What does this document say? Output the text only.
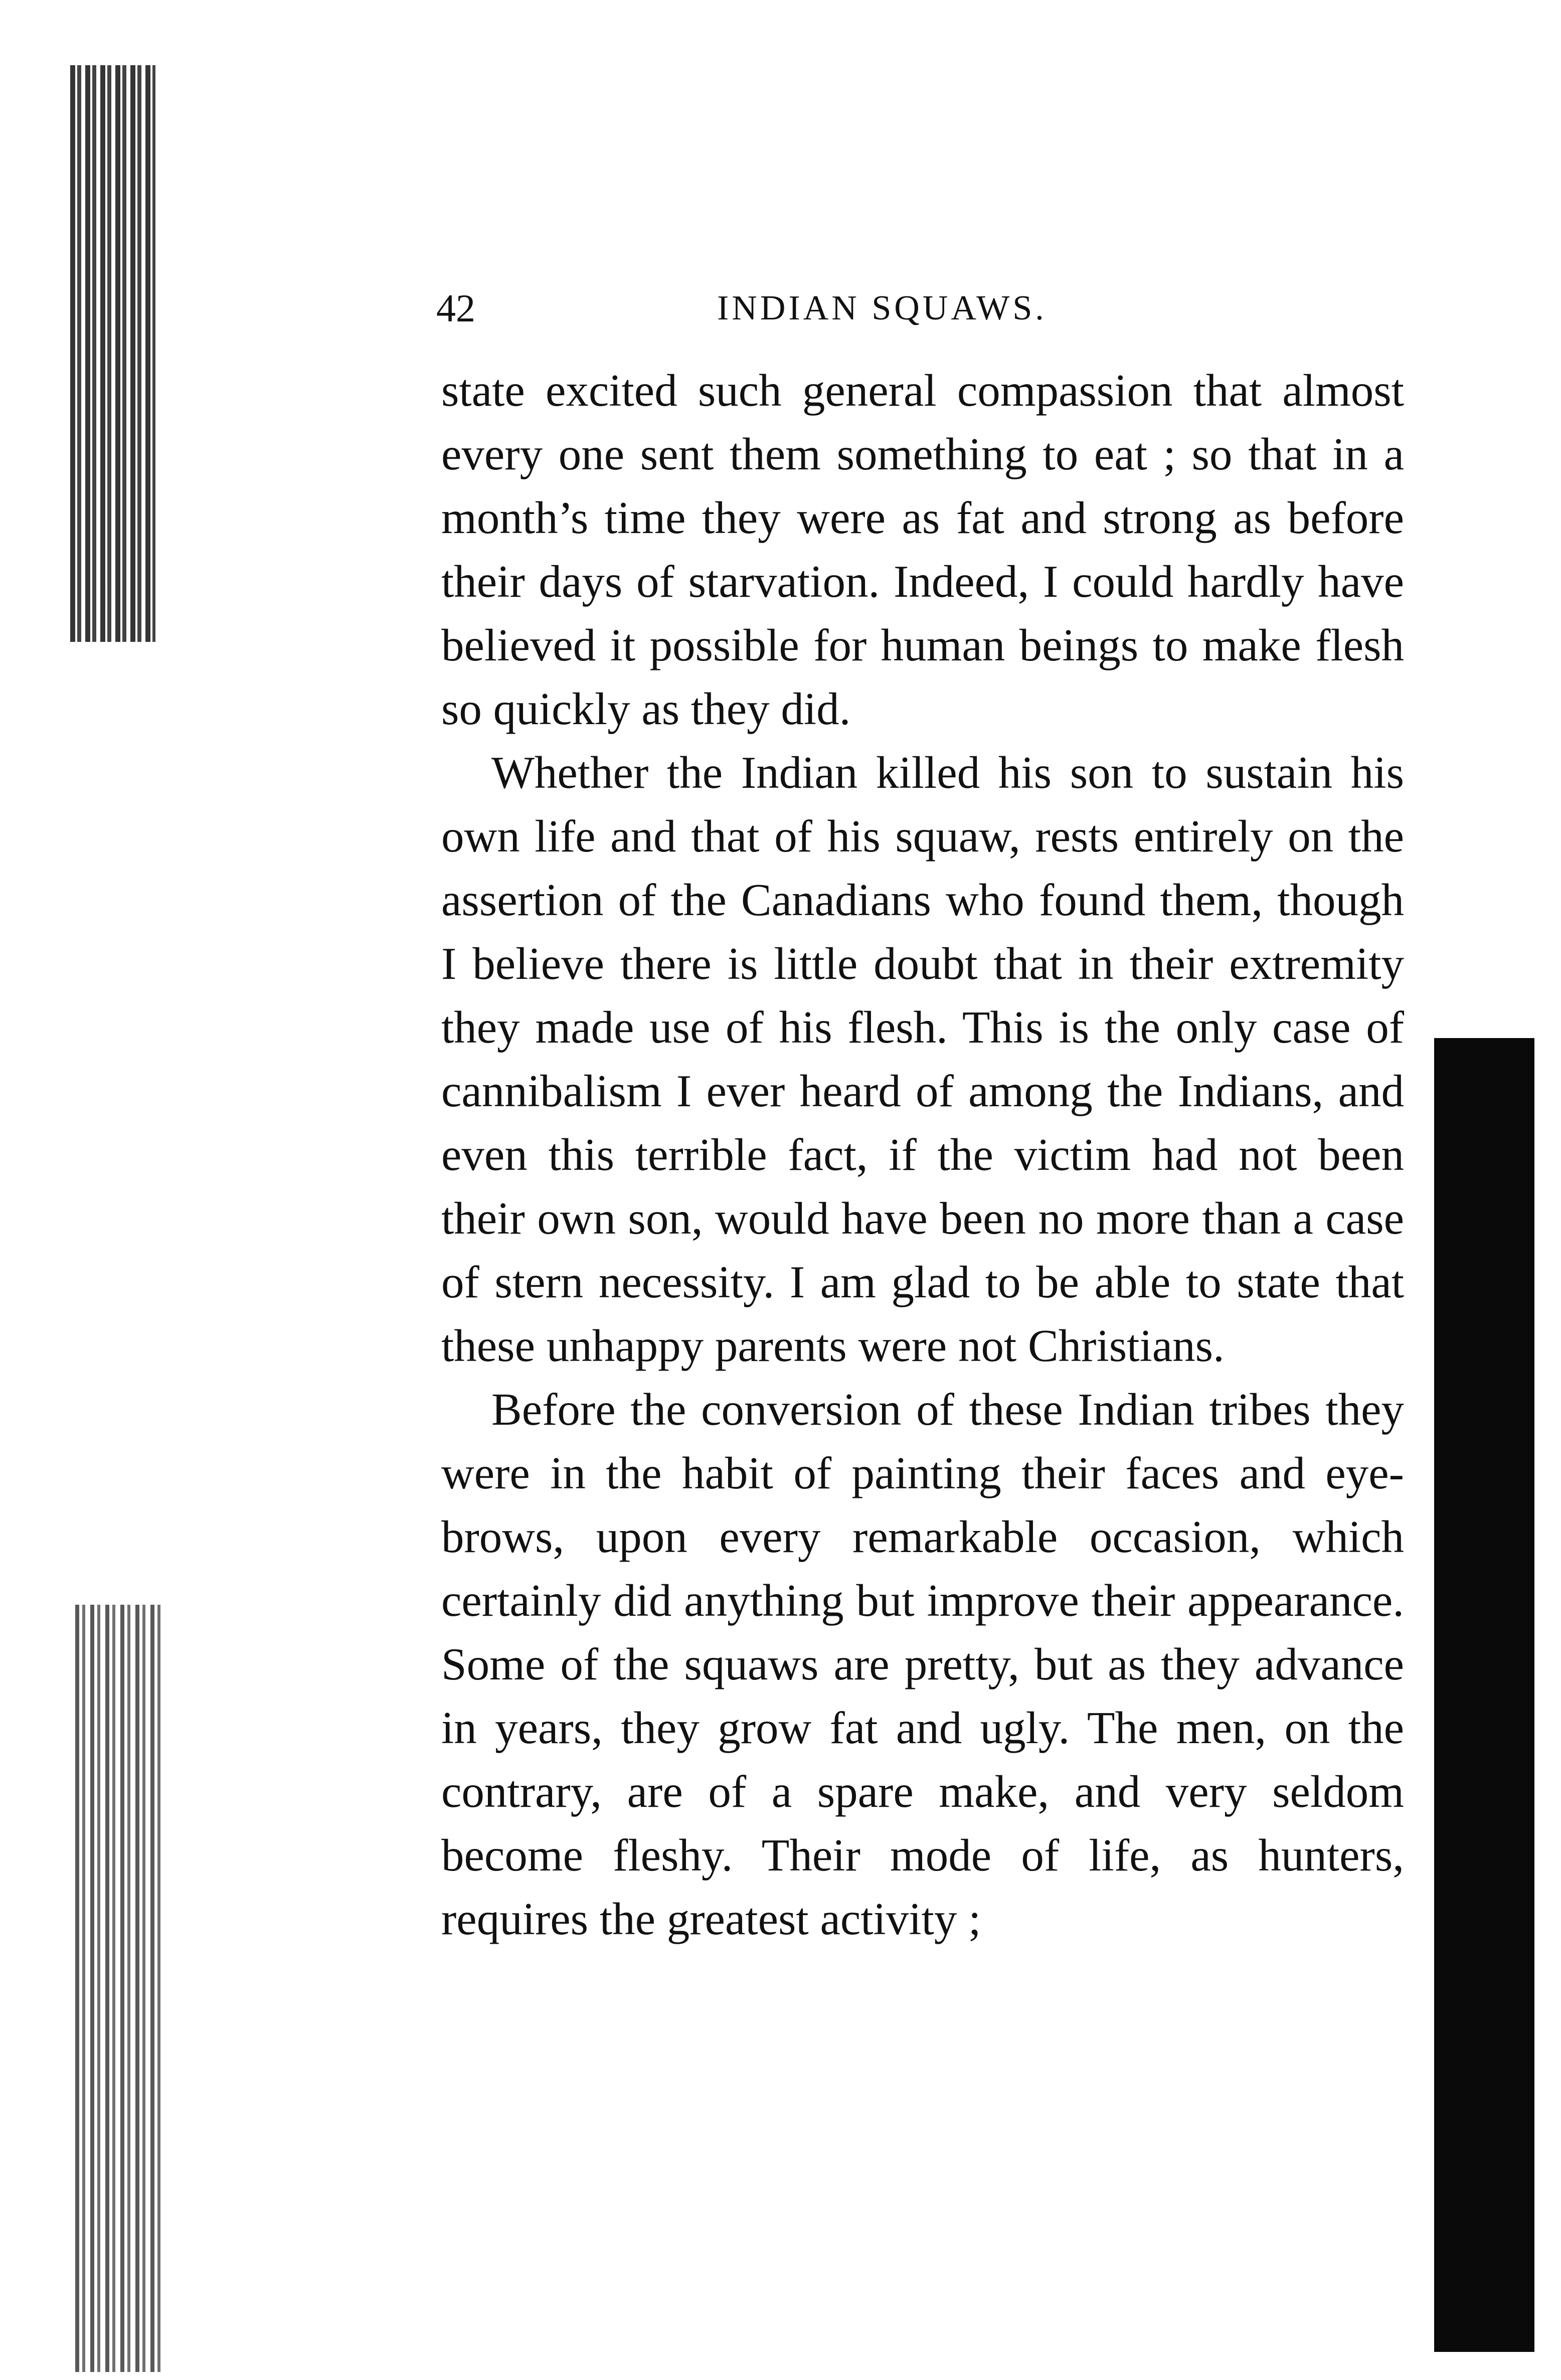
42	INDIAN SQUAWS.

state excited such general compassion that almost every one sent them something to eat ; so that in a month’s time they were as fat and strong as before their days of starvation. Indeed, I could hardly have believed it possible for human beings to make flesh so quickly as they did.

Whether the Indian killed his son to sustain his own life and that of his squaw, rests entirely on the assertion of the Canadians who found them, though I believe there is little doubt that in their extremity they made use of his flesh. This is the only case of cannibalism I ever heard of among the Indians, and even this terrible fact, if the victim had not been their own son, would have been no more than a case of stern necessity. I am glad to be able to state that these unhappy parents were not Christians.

Before the conversion of these Indian tribes they were in the habit of painting their faces and eye-brows, upon every remarkable occasion, which certainly did anything but improve their appearance. Some of the squaws are pretty, but as they advance in years, they grow fat and ugly. The men, on the contrary, are of a spare make, and very seldom become fleshy. Their mode of life, as hunters, requires the greatest activity ;
